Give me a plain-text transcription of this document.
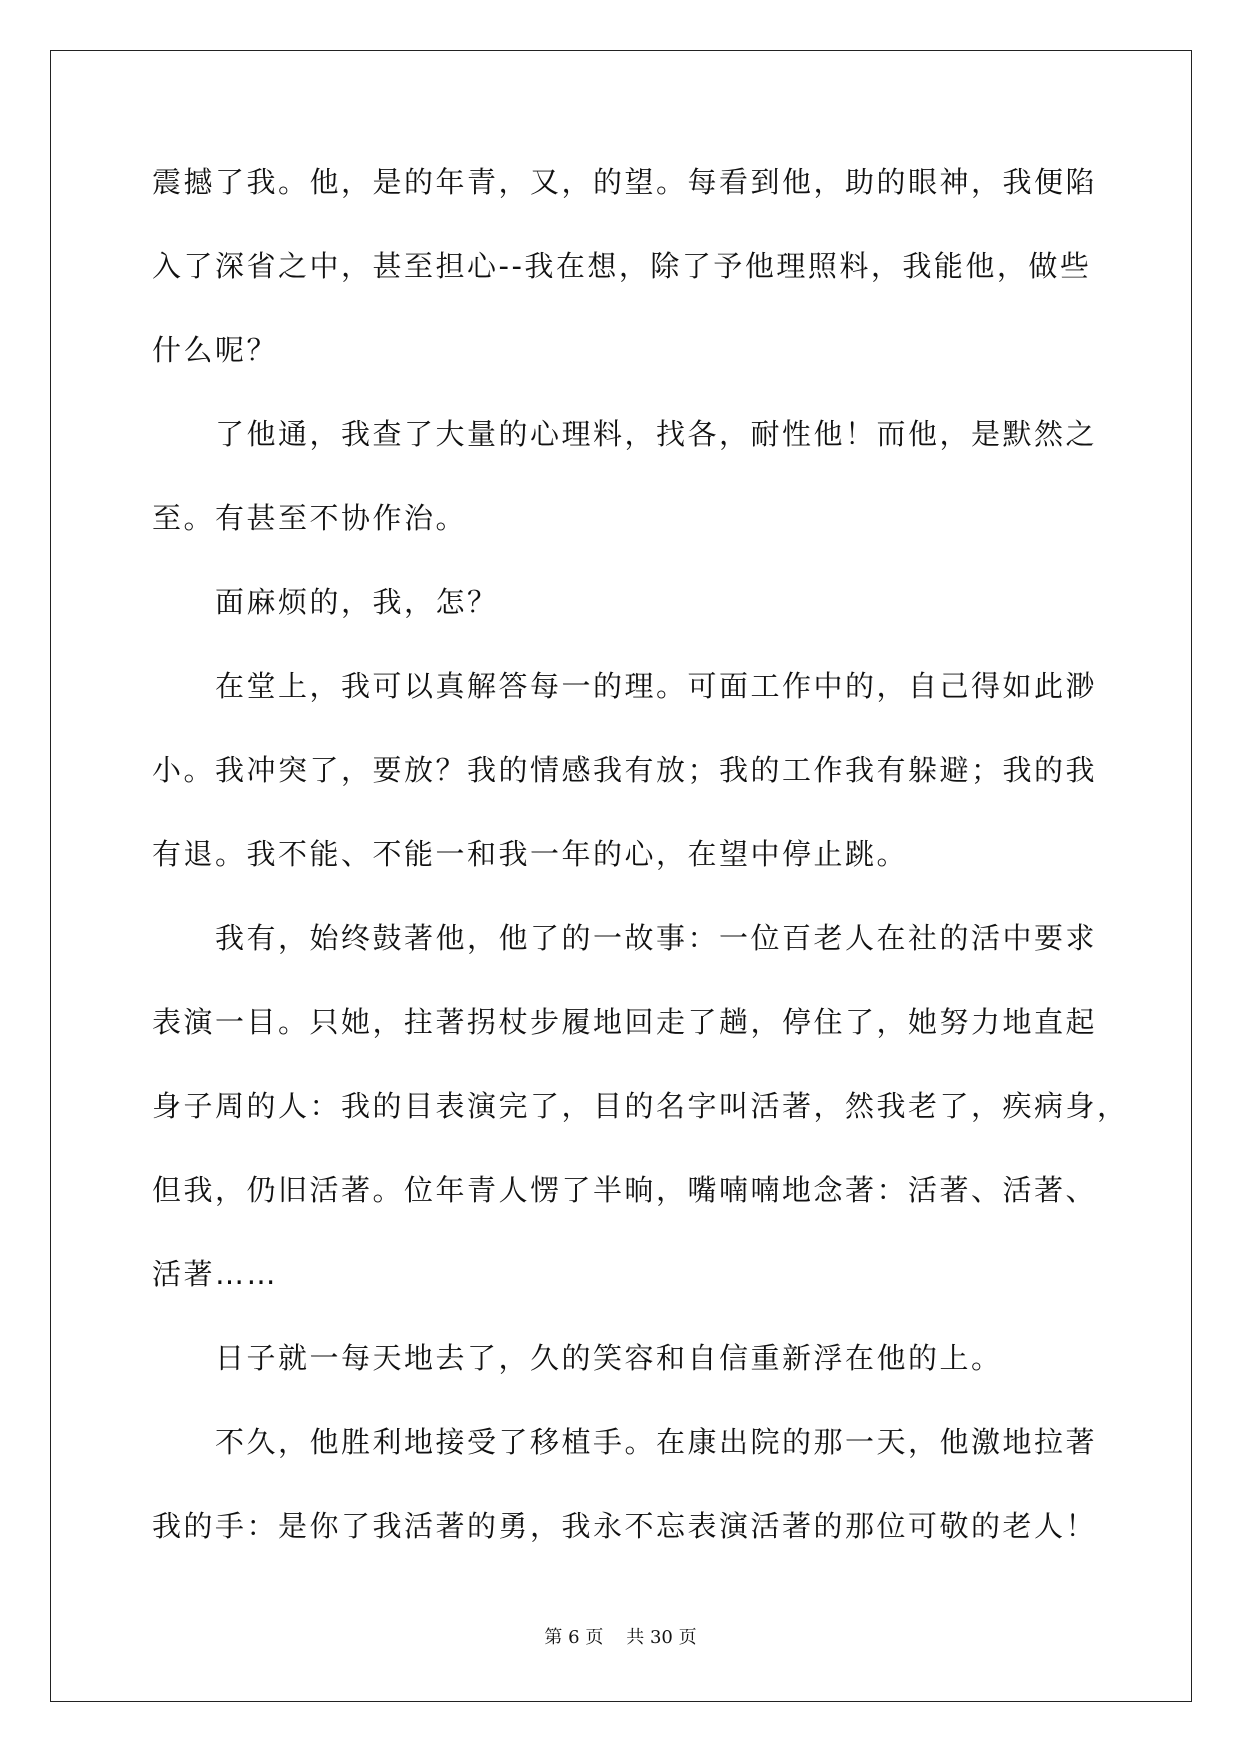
震撼了我。他，是的年青，又，的望。每看到他，助的眼神，我便陷
入了深省之中，甚至担心--我在想，除了予他理照料，我能他，做些
什么呢？
　　了他通，我查了大量的心理料，找各，耐性他！而他，是默然之
至。有甚至不协作治。
　　面麻烦的，我，怎？
　　在堂上，我可以真解答每一的理。可面工作中的，自己得如此渺
小。我冲突了，要放？我的情感我有放；我的工作我有躲避；我的我
有退。我不能、不能一和我一年的心，在望中停止跳。
　　我有，始终鼓著他，他了的一故事：一位百老人在社的活中要求
表演一目。只她，拄著拐杖步履地回走了趟，停住了，她努力地直起
身子周的人：我的目表演完了，目的名字叫活著，然我老了，疾病身，
但我，仍旧活著。位年青人愣了半晌，嘴喃喃地念著：活著、活著、
活著……
　　日子就一每天地去了，久的笑容和自信重新浮在他的上。
　　不久，他胜利地接受了移植手。在康出院的那一天，他激地拉著
我的手：是你了我活著的勇，我永不忘表演活著的那位可敬的老人！
第 6 页 共 30 页
